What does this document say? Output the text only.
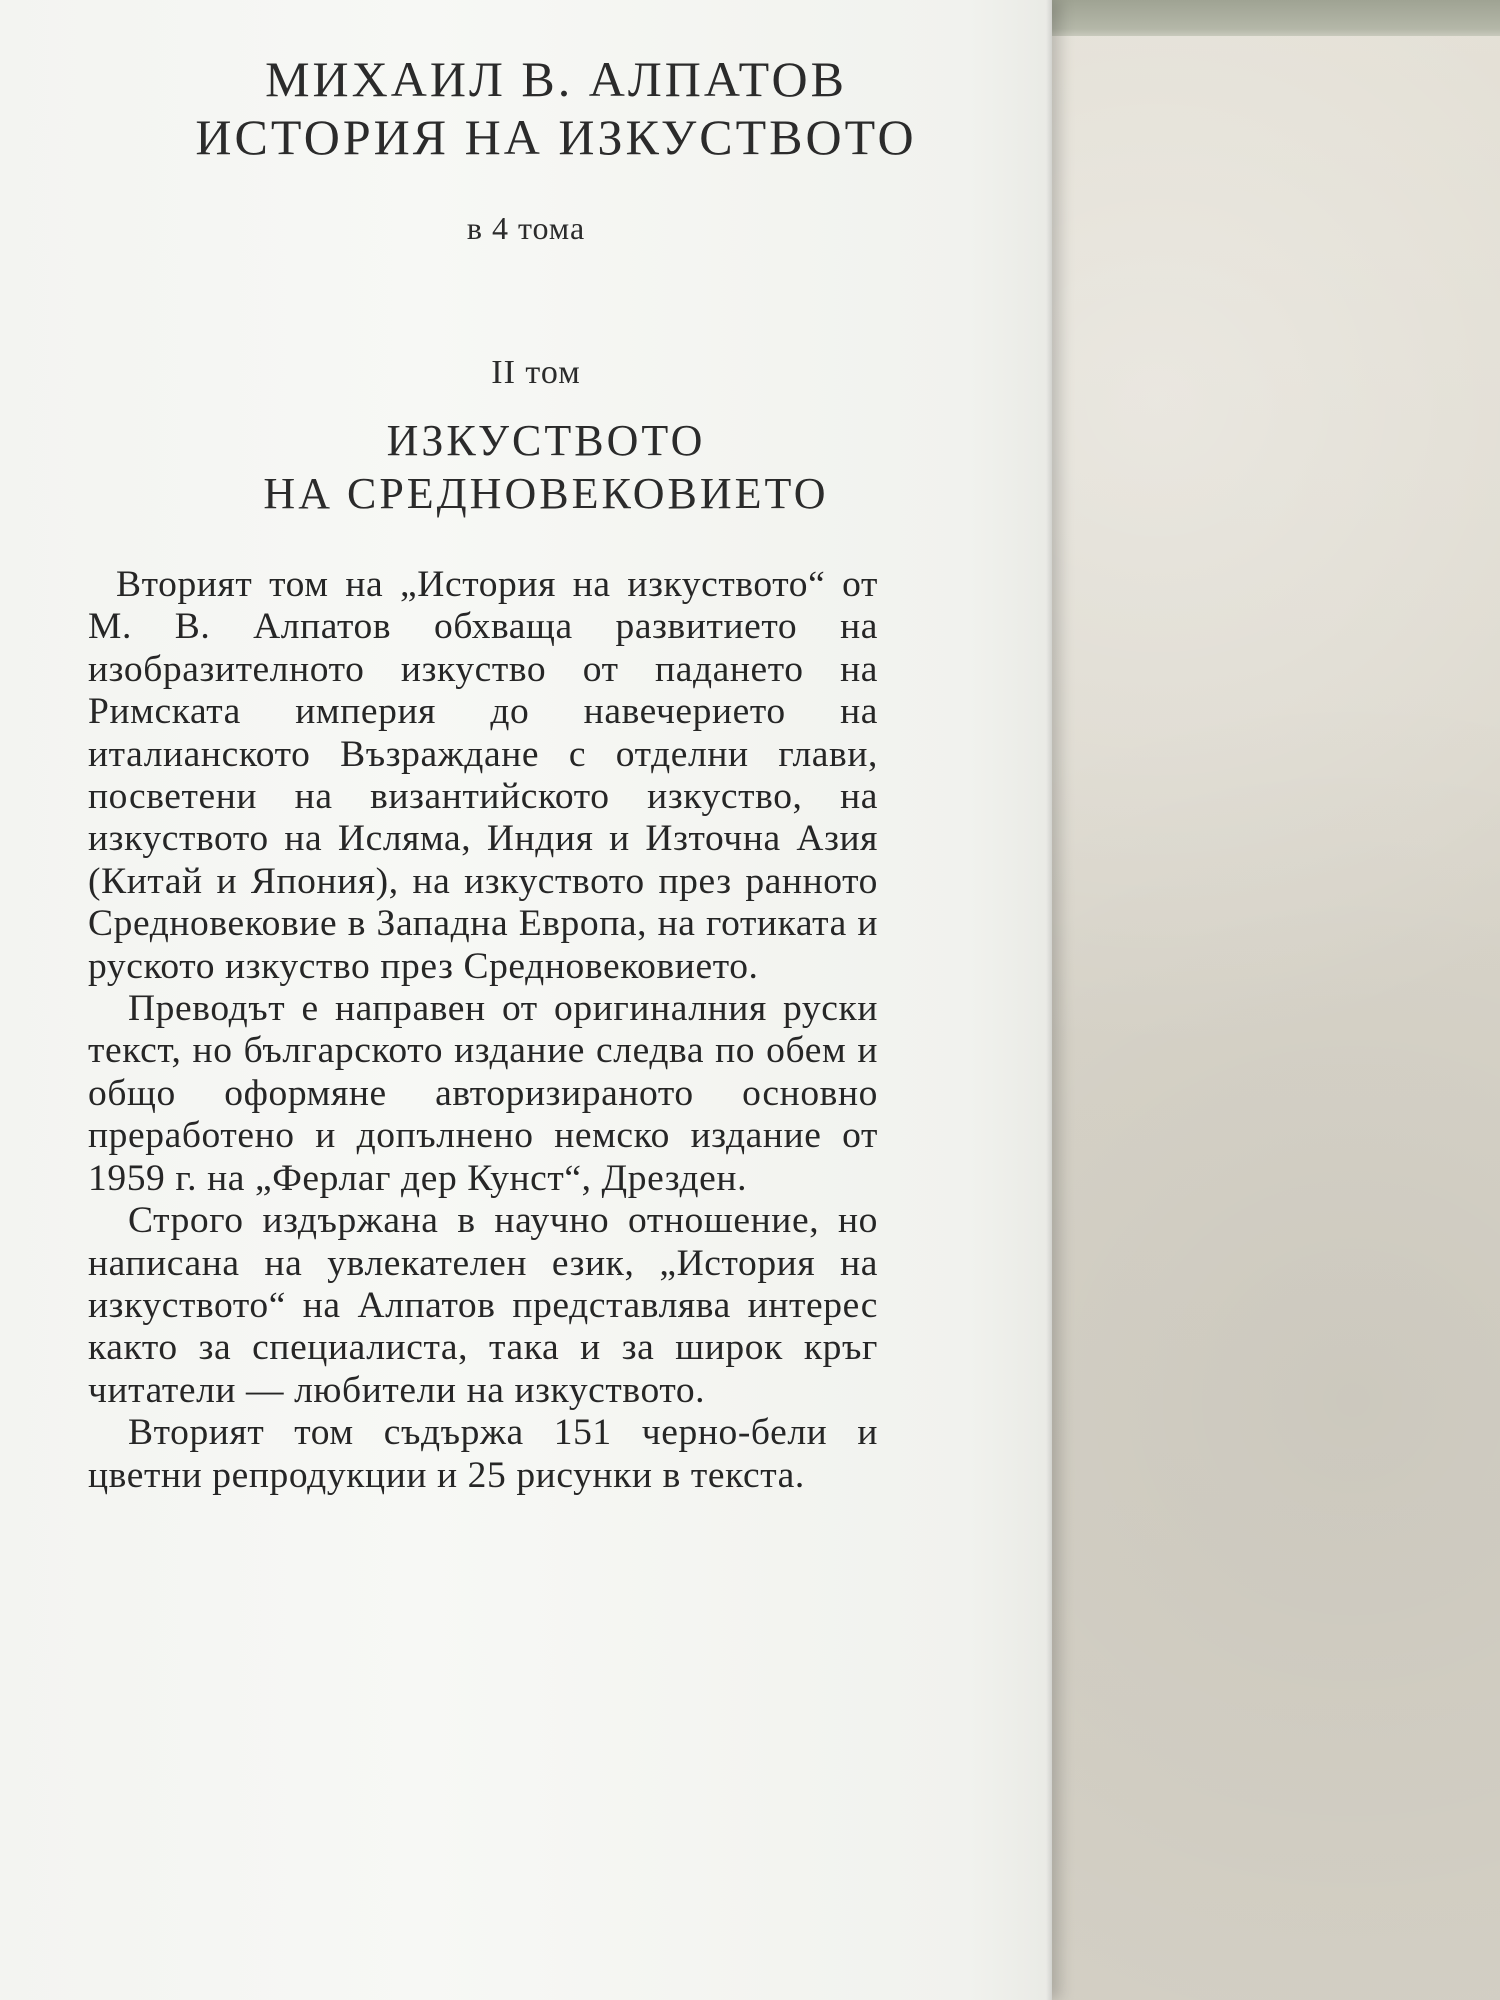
МИХАИЛ В. АЛПАТОВ
ИСТОРИЯ НА ИЗКУСТВОТО
в 4 тома
II том
ИЗКУСТВОТО
НА СРЕДНОВЕКОВИЕТО

Вторият том на „История на изкуството“ от М. В. Алпатов обхваща развитието на изобразителното изкуство от падането на Римската империя до навечерието на италианското Възраждане с отделни глави, посветени на византийското изкуство, на изкуството на Исляма, Индия и Източна Азия (Китай и Япония), на изкуството през ранното Средновековие в Западна Европа, на готиката и руското изкуство през Средновековието.

Преводът е направен от оригиналния руски текст, но българското издание следва по обем и общо оформяне авторизираното основно преработено и допълнено немско издание от 1959 г. на „Ферлаг дер Кунст“, Дрезден.

Строго издържана в научно отношение, но написана на увлекателен език, „История на изкуството“ на Алпатов представлява интерес както за специалиста, така и за широк кръг читатели — любители на изкуството.

Вторият том съдържа 151 черно-бели и цветни репродукции и 25 рисунки в текста.
